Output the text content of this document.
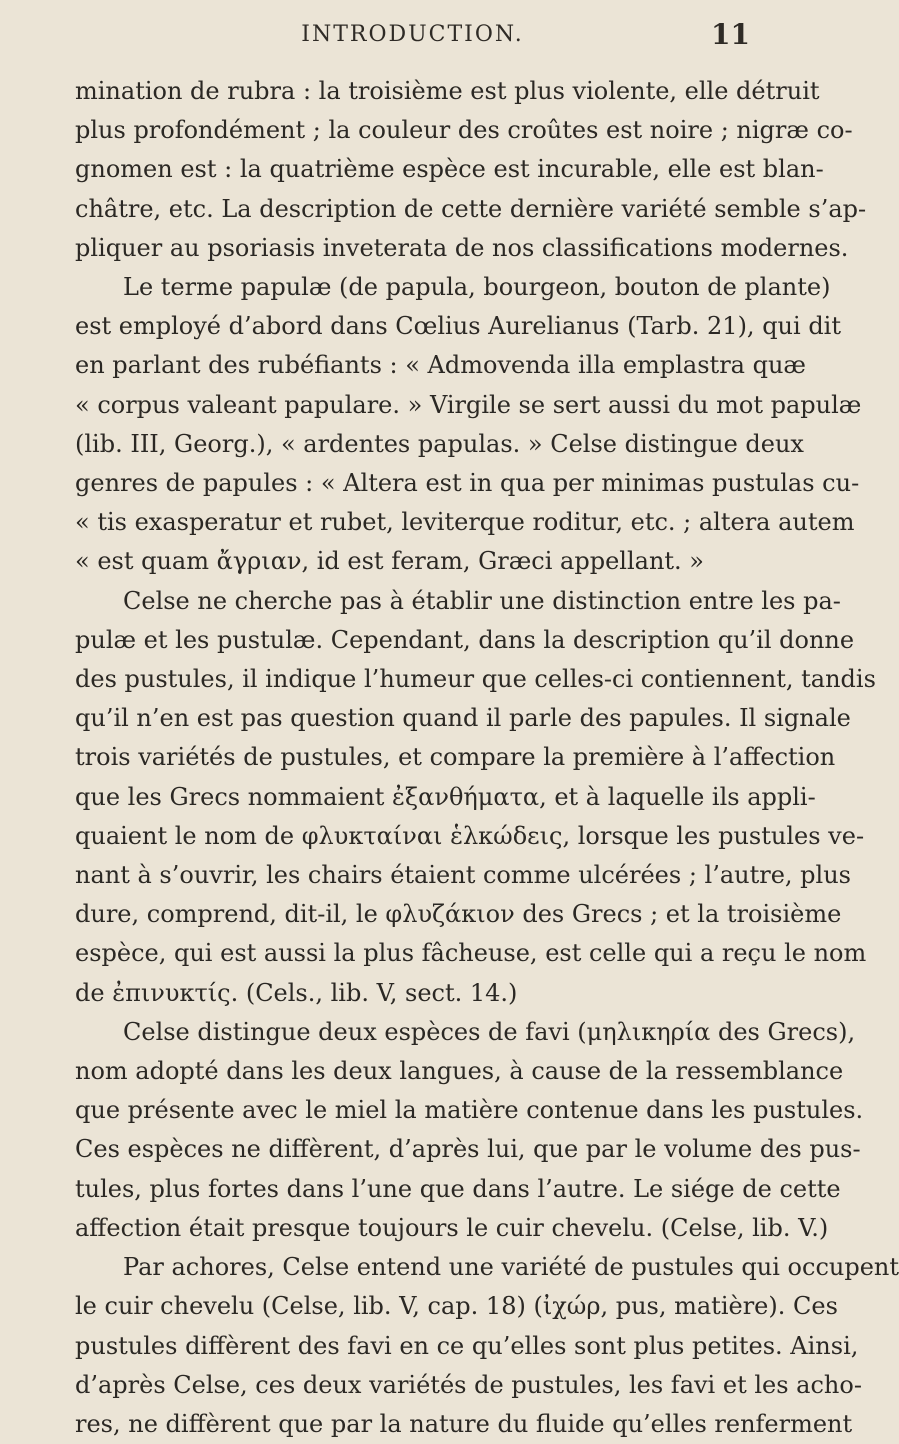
INTRODUCTION.	11
mination de rubra : la troisième est plus violente, elle détruit
plus profondément ; la couleur des croûtes est noire ; nigræ co-
gnomen est : la quatrième espèce est incurable, elle est blan-
châtre, etc. La description de cette dernière variété semble s’ap-
pliquer au psoriasis inveterata de nos classifications modernes.
Le terme papulæ (de papula, bourgeon, bouton de plante)
est employé d’abord dans Cœlius Aurelianus (Tarb. 21), qui dit
en parlant des rubéfiants : « Admovenda illa emplastra quæ
« corpus valeant papulare. » Virgile se sert aussi du mot papulæ
(lib. III, Georg.), « ardentes papulas. » Celse distingue deux
genres de papules : « Altera est in qua per minimas pustulas cu-
« tis exasperatur et rubet, leviterque roditur, etc. ; altera autem
« est quam ἄγριαν, id est feram, Græci appellant. »
Celse ne cherche pas à établir une distinction entre les pa-
pulæ et les pustulæ. Cependant, dans la description qu’il donne
des pustules, il indique l’humeur que celles-ci contiennent, tandis
qu’il n’en est pas question quand il parle des papules. Il signale
trois variétés de pustules, et compare la première à l’affection
que les Grecs nommaient ἐξανθήματα, et à laquelle ils appli-
quaient le nom de φλυκταίναι ἑλκώδεις, lorsque les pustules ve-
nant à s’ouvrir, les chairs étaient comme ulcérées ; l’autre, plus
dure, comprend, dit-il, le φλυζάκιον des Grecs ; et la troisième
espèce, qui est aussi la plus fâcheuse, est celle qui a reçu le nom
de ἐπινυκτίς. (Cels., lib. V, sect. 14.)
Celse distingue deux espèces de favi (μηλικηρία des Grecs),
nom adopté dans les deux langues, à cause de la ressemblance
que présente avec le miel la matière contenue dans les pustules.
Ces espèces ne diffèrent, d’après lui, que par le volume des pus-
tules, plus fortes dans l’une que dans l’autre. Le siége de cette
affection était presque toujours le cuir chevelu. (Celse, lib. V.)
Par achores, Celse entend une variété de pustules qui occupent
le cuir chevelu (Celse, lib. V, cap. 18) (ἰχώρ, pus, matière). Ces
pustules diffèrent des favi en ce qu’elles sont plus petites. Ainsi,
d’après Celse, ces deux variétés de pustules, les favi et les acho-
res, ne diffèrent que par la nature du fluide qu’elles renferment
